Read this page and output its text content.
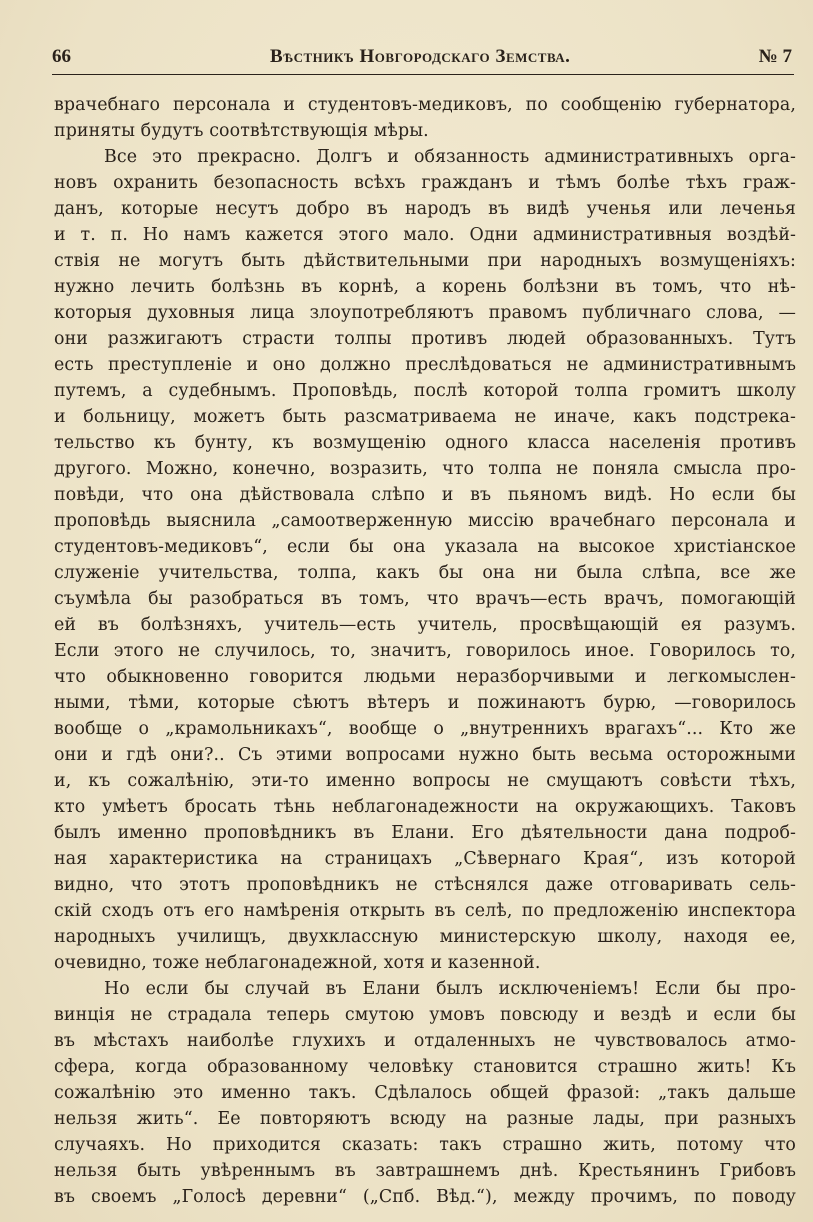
66	Вѣстникъ Новгородскаго Земства.	№ 7
врачебнаго персонала и студентовъ-медиковъ, по сообщенію губернатора,
приняты будутъ соотвѣтствующія мѣры.
Все это прекрасно. Долгъ и обязанность административныхъ орга-
новъ охранить безопасность всѣхъ гражданъ и тѣмъ болѣе тѣхъ граж-
данъ, которые несутъ добро въ народъ въ видѣ ученья или леченья
и т. п. Но намъ кажется этого мало. Одни административныя воздѣй-
ствія не могутъ быть дѣйствительными при народныхъ возмущеніяхъ:
нужно лечить болѣзнь въ корнѣ, а корень болѣзни въ томъ, что нѣ-
которыя духовныя лица злоупотребляютъ правомъ публичнаго слова, —
они разжигаютъ страсти толпы противъ людей образованныхъ. Тутъ
есть преступленіе и оно должно преслѣдоваться не административнымъ
путемъ, а судебнымъ. Проповѣдь, послѣ которой толпа громитъ школу
и больницу, можетъ быть разсматриваема не иначе, какъ подстрека-
тельство къ бунту, къ возмущенію одного класса населенія противъ
другого. Можно, конечно, возразить, что толпа не поняла смысла про-
повѣди, что она дѣйствовала слѣпо и въ пьяномъ видѣ. Но если бы
проповѣдь выяснила „самоотверженную миссію врачебнаго персонала и
студентовъ-медиковъ“, если бы она указала на высокое христіанское
служеніе учительства, толпа, какъ бы она ни была слѣпа, все же
съумѣла бы разобраться въ томъ, что врачъ—есть врачъ, помогающій
ей въ болѣзняхъ, учитель—есть учитель, просвѣщающій ея разумъ.
Если этого не случилось, то, значитъ, говорилось иное. Говорилось то,
что обыкновенно говорится людьми неразборчивыми и легкомыслен-
ными, тѣми, которые сѣютъ вѣтеръ и пожинаютъ бурю, —говорилось
вообще о „крамольникахъ“, вообще о „внутреннихъ врагахъ“... Кто же
они и гдѣ они?.. Съ этими вопросами нужно быть весьма осторожными
и, къ сожалѣнію, эти-то именно вопросы не смущаютъ совѣсти тѣхъ,
кто умѣетъ бросать тѣнь неблагонадежности на окружающихъ. Таковъ
былъ именно проповѣдникъ въ Елани. Его дѣятельности дана подроб-
ная характеристика на страницахъ „Сѣвернаго Края“, изъ которой
видно, что этотъ проповѣдникъ не стѣснялся даже отговаривать сель-
скій сходъ отъ его намѣренія открыть въ селѣ, по предложенію инспектора
народныхъ училищъ, двухклассную министерскую школу, находя ее,
очевидно, тоже неблагонадежной, хотя и казенной.
Но если бы случай въ Елани былъ исключеніемъ! Если бы про-
винція не страдала теперь смутою умовъ повсюду и вездѣ и если бы
въ мѣстахъ наиболѣе глухихъ и отдаленныхъ не чувствовалось атмо-
сфера, когда образованному человѣку становится страшно жить! Къ
сожалѣнію это именно такъ. Сдѣлалось общей фразой: „такъ дальше
нельзя жить“. Ее повторяютъ всюду на разные лады, при разныхъ
случаяхъ. Но приходится сказать: такъ страшно жить, потому что
нельзя быть увѣреннымъ въ завтрашнемъ днѣ. Крестьянинъ Грибовъ
въ своемъ „Голосѣ деревни“ („Спб. Вѣд.“), между прочимъ, по поводу
